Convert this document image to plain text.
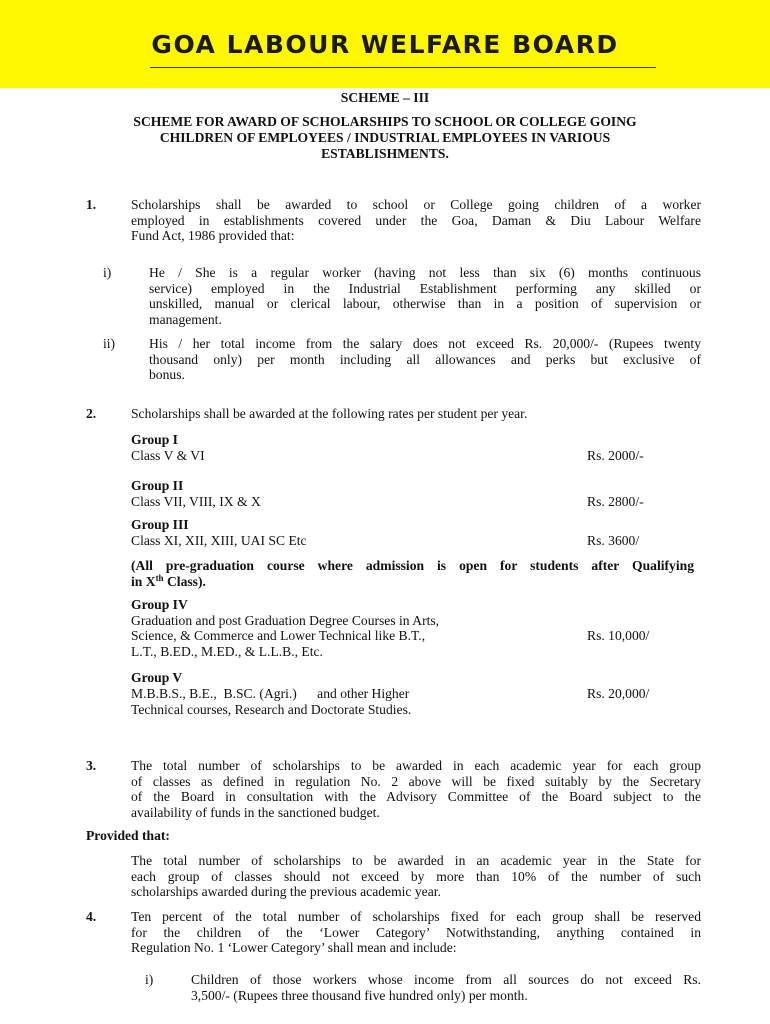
GOA LABOUR WELFARE BOARD
SCHEME – III
SCHEME FOR AWARD OF SCHOLARSHIPS TO SCHOOL OR COLLEGE GOING
CHILDREN OF EMPLOYEES / INDUSTRIAL EMPLOYEES IN VARIOUS
ESTABLISHMENTS.
1.	Scholarships shall be awarded to school or College going children of a worker
employed in establishments covered under the Goa, Daman & Diu Labour Welfare
Fund Act, 1986 provided that:
i)	He / She is a regular worker (having not less than six (6) months continuous
service) employed in the Industrial Establishment performing any skilled or
unskilled, manual or clerical labour, otherwise than in a position of supervision or
management.
ii) His / her total income from the salary does not exceed Rs. 20,000/- (Rupees twenty
thousand only) per month including all allowances and perks but exclusive of
bonus.
2.	Scholarships shall be awarded at the following rates per student per year.
Group I
Class V & VI	Rs. 2000/-
Group II
Class VII, VIII, IX & X	Rs. 2800/-
Group III
Class XI, XII, XIII, UAI SC Etc	Rs. 3600/
(All pre-graduation course where admission is open for students after Qualifying
in Xth Class).
Group IV
Graduation and post Graduation Degree Courses in Arts,
Science, & Commerce and Lower Technical like B.T.,
L.T., B.ED., M.ED., & L.L.B., Etc.
Rs. 10,000/
Group V
M.B.B.S., B.E.,  B.SC. (Agri.)      and other Higher
Technical courses, Research and Doctorate Studies.
Rs. 20,000/
3.	The total number of scholarships to be awarded in each academic year for each group
of classes as defined in regulation No. 2 above will be fixed suitably by the Secretary
of the Board in consultation with the Advisory Committee of the Board subject to the
availability of funds in the sanctioned budget.
Provided that:
The total number of scholarships to be awarded in an academic year in the State for
each group of classes should not exceed by more than 10% of the number of such
scholarships awarded during the previous academic year.
4.	Ten percent of the total number of scholarships fixed for each group shall be reserved
for the children of the ‘Lower Category’ Notwithstanding, anything contained in
Regulation No. 1 ‘Lower Category’ shall mean and include:
i)	Children of those workers whose income from all sources do not exceed Rs.
3,500/- (Rupees three thousand five hundred only) per month.
